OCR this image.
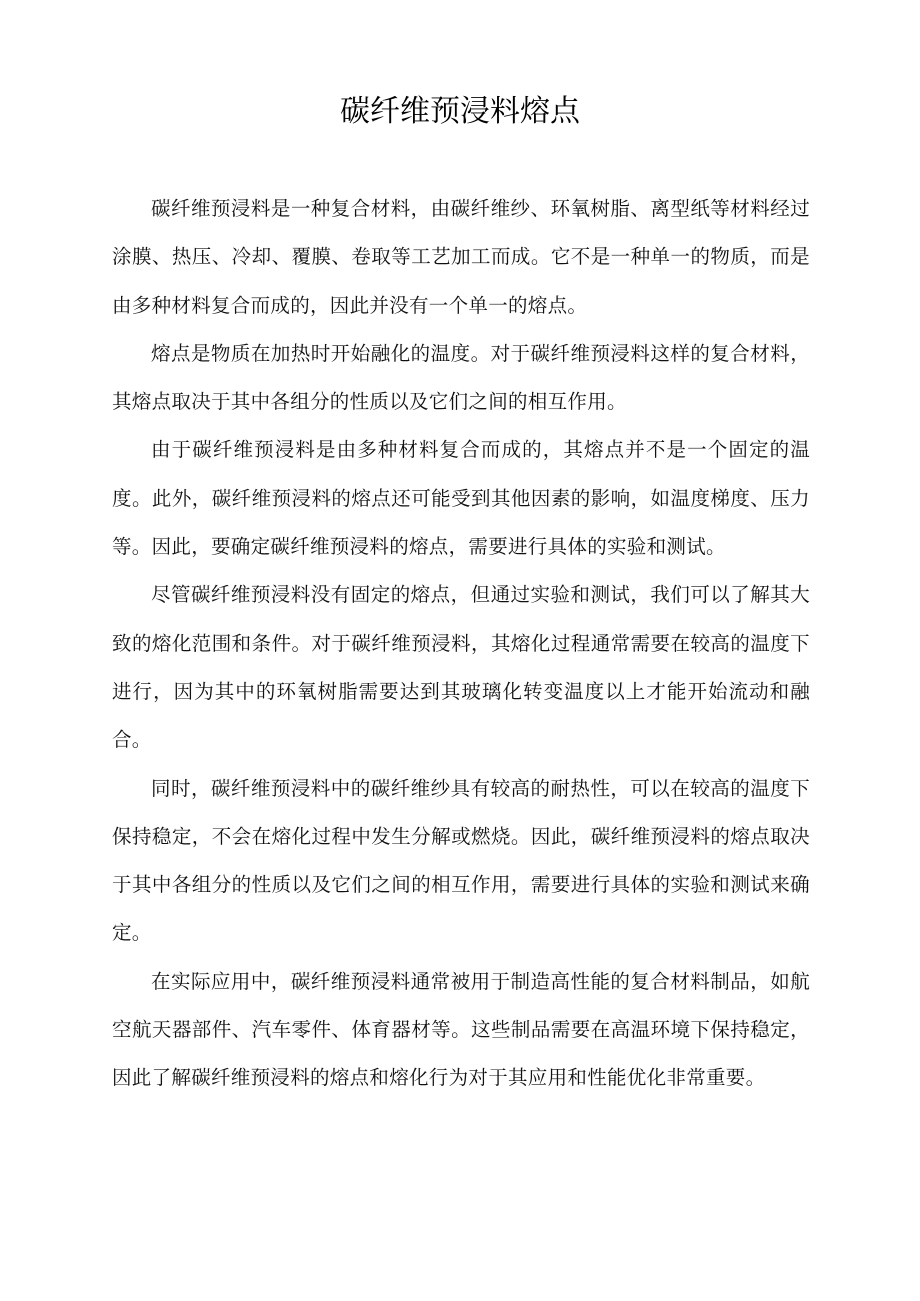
碳纤维预浸料熔点

碳纤维预浸料是一种复合材料，由碳纤维纱、环氧树脂、离型纸等材料经过涂膜、热压、冷却、覆膜、卷取等工艺加工而成。它不是一种单一的物质，而是由多种材料复合而成的，因此并没有一个单一的熔点。

熔点是物质在加热时开始融化的温度。对于碳纤维预浸料这样的复合材料，其熔点取决于其中各组分的性质以及它们之间的相互作用。

由于碳纤维预浸料是由多种材料复合而成的，其熔点并不是一个固定的温度。此外，碳纤维预浸料的熔点还可能受到其他因素的影响，如温度梯度、压力等。因此，要确定碳纤维预浸料的熔点，需要进行具体的实验和测试。

尽管碳纤维预浸料没有固定的熔点，但通过实验和测试，我们可以了解其大致的熔化范围和条件。对于碳纤维预浸料，其熔化过程通常需要在较高的温度下进行，因为其中的环氧树脂需要达到其玻璃化转变温度以上才能开始流动和融合。

同时，碳纤维预浸料中的碳纤维纱具有较高的耐热性，可以在较高的温度下保持稳定，不会在熔化过程中发生分解或燃烧。因此，碳纤维预浸料的熔点取决于其中各组分的性质以及它们之间的相互作用，需要进行具体的实验和测试来确定。

在实际应用中，碳纤维预浸料通常被用于制造高性能的复合材料制品，如航空航天器部件、汽车零件、体育器材等。这些制品需要在高温环境下保持稳定，因此了解碳纤维预浸料的熔点和熔化行为对于其应用和性能优化非常重要。
